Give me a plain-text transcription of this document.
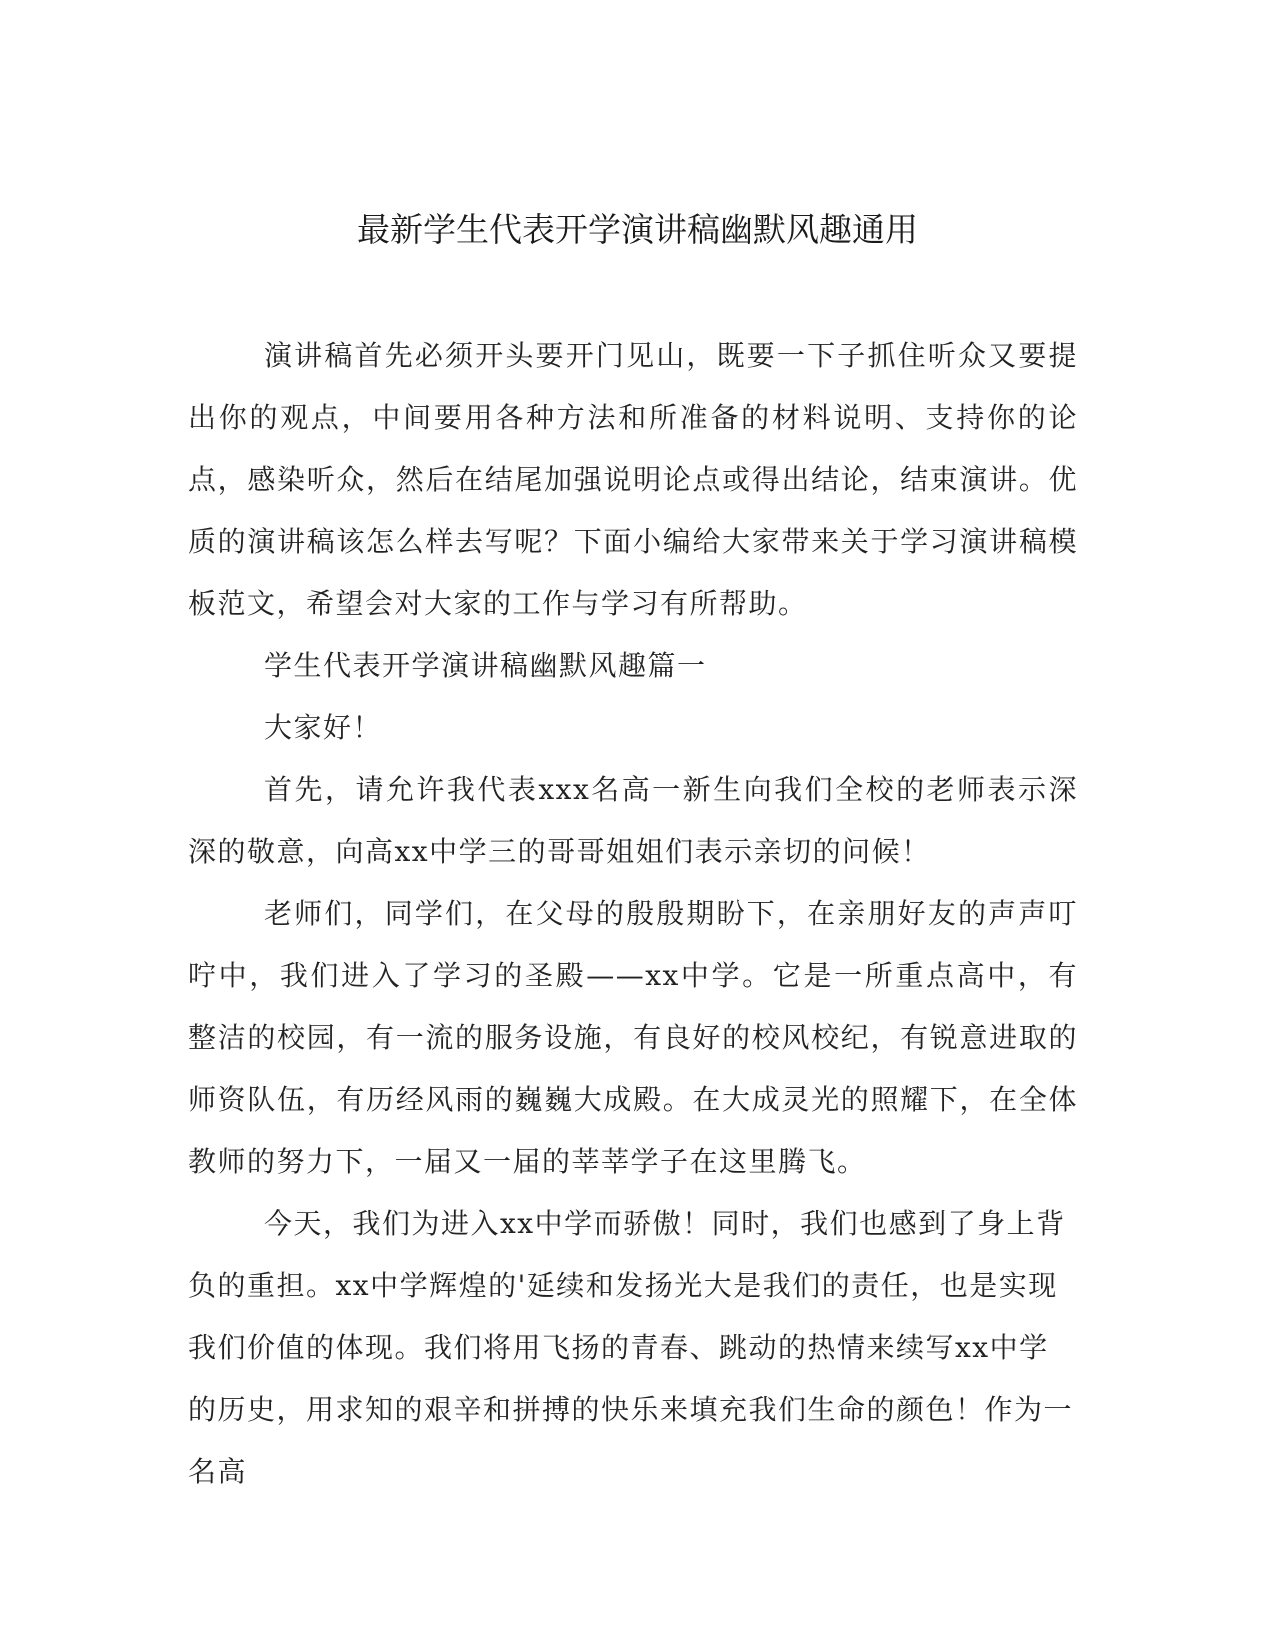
最新学生代表开学演讲稿幽默风趣通用

演讲稿首先必须开头要开门见山，既要一下子抓住听众又要提出你的观点，中间要用各种方法和所准备的材料说明、支持你的论点，感染听众，然后在结尾加强说明论点或得出结论，结束演讲。优质的演讲稿该怎么样去写呢？下面小编给大家带来关于学习演讲稿模板范文，希望会对大家的工作与学习有所帮助。

学生代表开学演讲稿幽默风趣篇一

大家好！

首先，请允许我代表xxx名高一新生向我们全校的老师表示深深的敬意，向高xx中学三的哥哥姐姐们表示亲切的问候！

老师们，同学们，在父母的殷殷期盼下，在亲朋好友的声声叮咛中，我们进入了学习的圣殿——xx中学。它是一所重点高中，有整洁的校园，有一流的服务设施，有良好的校风校纪，有锐意进取的师资队伍，有历经风雨的巍巍大成殿。在大成灵光的照耀下，在全体教师的努力下，一届又一届的莘莘学子在这里腾飞。

今天，我们为进入xx中学而骄傲！同时，我们也感到了身上背负的重担。xx中学辉煌的'延续和发扬光大是我们的责任，也是实现我们价值的体现。我们将用飞扬的青春、跳动的热情来续写xx中学的历史，用求知的艰辛和拼搏的快乐来填充我们生命的颜色！作为一名高
